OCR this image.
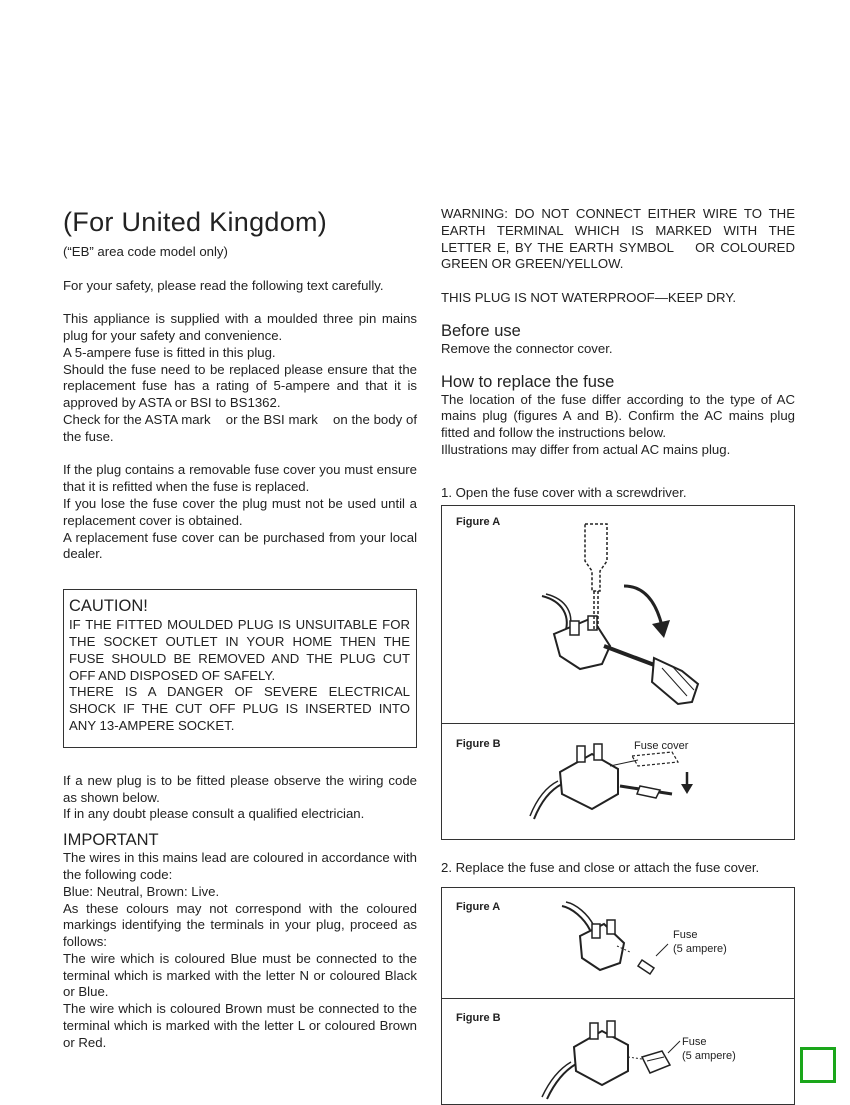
(For United Kingdom)

(“EB” area code model only)

For your safety, please read the following text carefully.

This appliance is supplied with a moulded three pin mains plug for your safety and convenience.

A 5-ampere fuse is fitted in this plug.

Should the fuse need to be replaced please ensure that the replacement fuse has a rating of 5-ampere and that it is approved by ASTA or BSI to BS1362.

Check for the ASTA mark    or the BSI mark    on the body of the fuse.

If the plug contains a removable fuse cover you must ensure that it is refitted when the fuse is replaced.

If you lose the fuse cover the plug must not be used until a replacement cover is obtained.

A replacement fuse cover can be purchased from your local dealer.

CAUTION!

IF THE FITTED MOULDED PLUG IS UNSUITABLE FOR THE SOCKET OUTLET IN YOUR HOME THEN THE FUSE SHOULD BE REMOVED AND THE PLUG CUT OFF AND DISPOSED OF SAFELY.

THERE IS A DANGER OF SEVERE ELECTRICAL SHOCK IF THE CUT OFF PLUG IS INSERTED INTO ANY 13-AMPERE SOCKET.

If a new plug is to be fitted please observe the wiring code as shown below.

If in any doubt please consult a qualified electrician.

IMPORTANT

The wires in this mains lead are coloured in accordance with the following code:

Blue: Neutral, Brown: Live.

As these colours may not correspond with the coloured markings identifying the terminals in your plug, proceed as follows:

The wire which is coloured Blue must be connected to the terminal which is marked with the letter N or coloured Black or Blue.

The wire which is coloured Brown must be connected to the terminal which is marked with the letter L or coloured Brown or Red.

WARNING: DO NOT CONNECT EITHER WIRE TO THE EARTH TERMINAL WHICH IS MARKED WITH THE LETTER E, BY THE EARTH SYMBOL    OR COLOURED GREEN OR GREEN/YELLOW.

THIS PLUG IS NOT WATERPROOF—KEEP DRY.

Before use

Remove the connector cover.

How to replace the fuse

The location of the fuse differ according to the type of AC mains plug (figures A and B). Confirm the AC mains plug fitted and follow the instructions below.

Illustrations may differ from actual AC mains plug.

1. Open the fuse cover with a screwdriver.

Figure A
Figure B	Fuse cover

2. Replace the fuse and close or attach the fuse cover.

Figure A
Fuse
(5 ampere)
Figure B
Fuse
(5 ampere)
